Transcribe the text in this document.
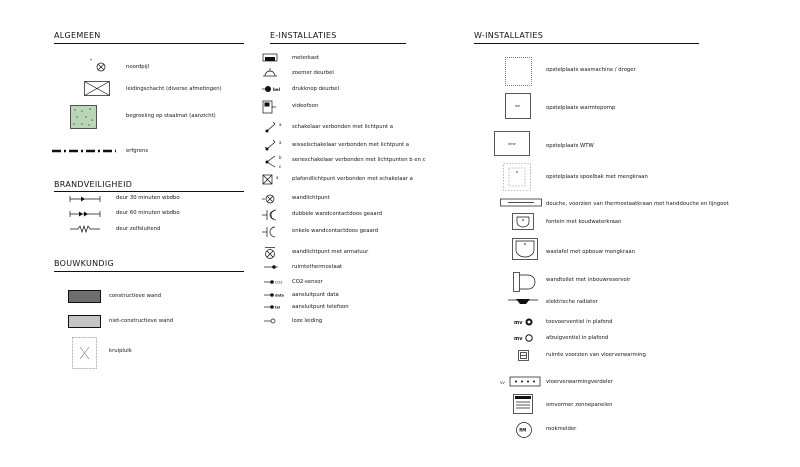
ALGEMEEN
*
noordpijl
leidingschacht (diverse afmetingen)
begroeiing op staalmat (aanzicht)
erfgrens
BRANDVEILIGHEID
deur 30 minuten wbdbo
deur 60 minuten wbdbo
deur zelfsluitend
BOUWKUNDIG
constructieve wand
niet-constructieve wand
kruipluik
E-INSTALLATIES
meterkast
zoemer deurbel
bel drukknop deurbel
videofoon
a schakelaar verbonden met lichtpunt a
a wisselschakelaar verbonden met lichtpunt a
b
c
serieschakelaar verbonden met lichtpunten b en c
a	plafondlichtpunt verbonden met schakelaar a
wandlichtpunt
dubbele wandcontactdoos geaard
enkele wandcontactdoos geaard
wandlichtpunt met armatuur
ruimtethermostaat
CO2 CO2-sensor
data aansluitpunt data
tel aansluitpunt telefoon
loze leiding
W-INSTALLATIES
opstelplaats wasmachine / droger
WP	opstelplaats warmtepomp
WTW	opstelplaats WTW
opstelplaats spoelbak met mengkraan
douche, voorzien van thermostaatkraan met handdouche en lijngoot
fontein met koudwaterkraan
wastafel met opbouw mengkraan
wandtoilet met inbouwreservoir
elektrische radiator
mv	toevoerventiel in plafond
mv	afzuigventiel in plafond
ruimte voorzien van vloerverwarming
VV	vloerverwarmingverdeler
omvormer zonnepanelen
RM	rookmelder
